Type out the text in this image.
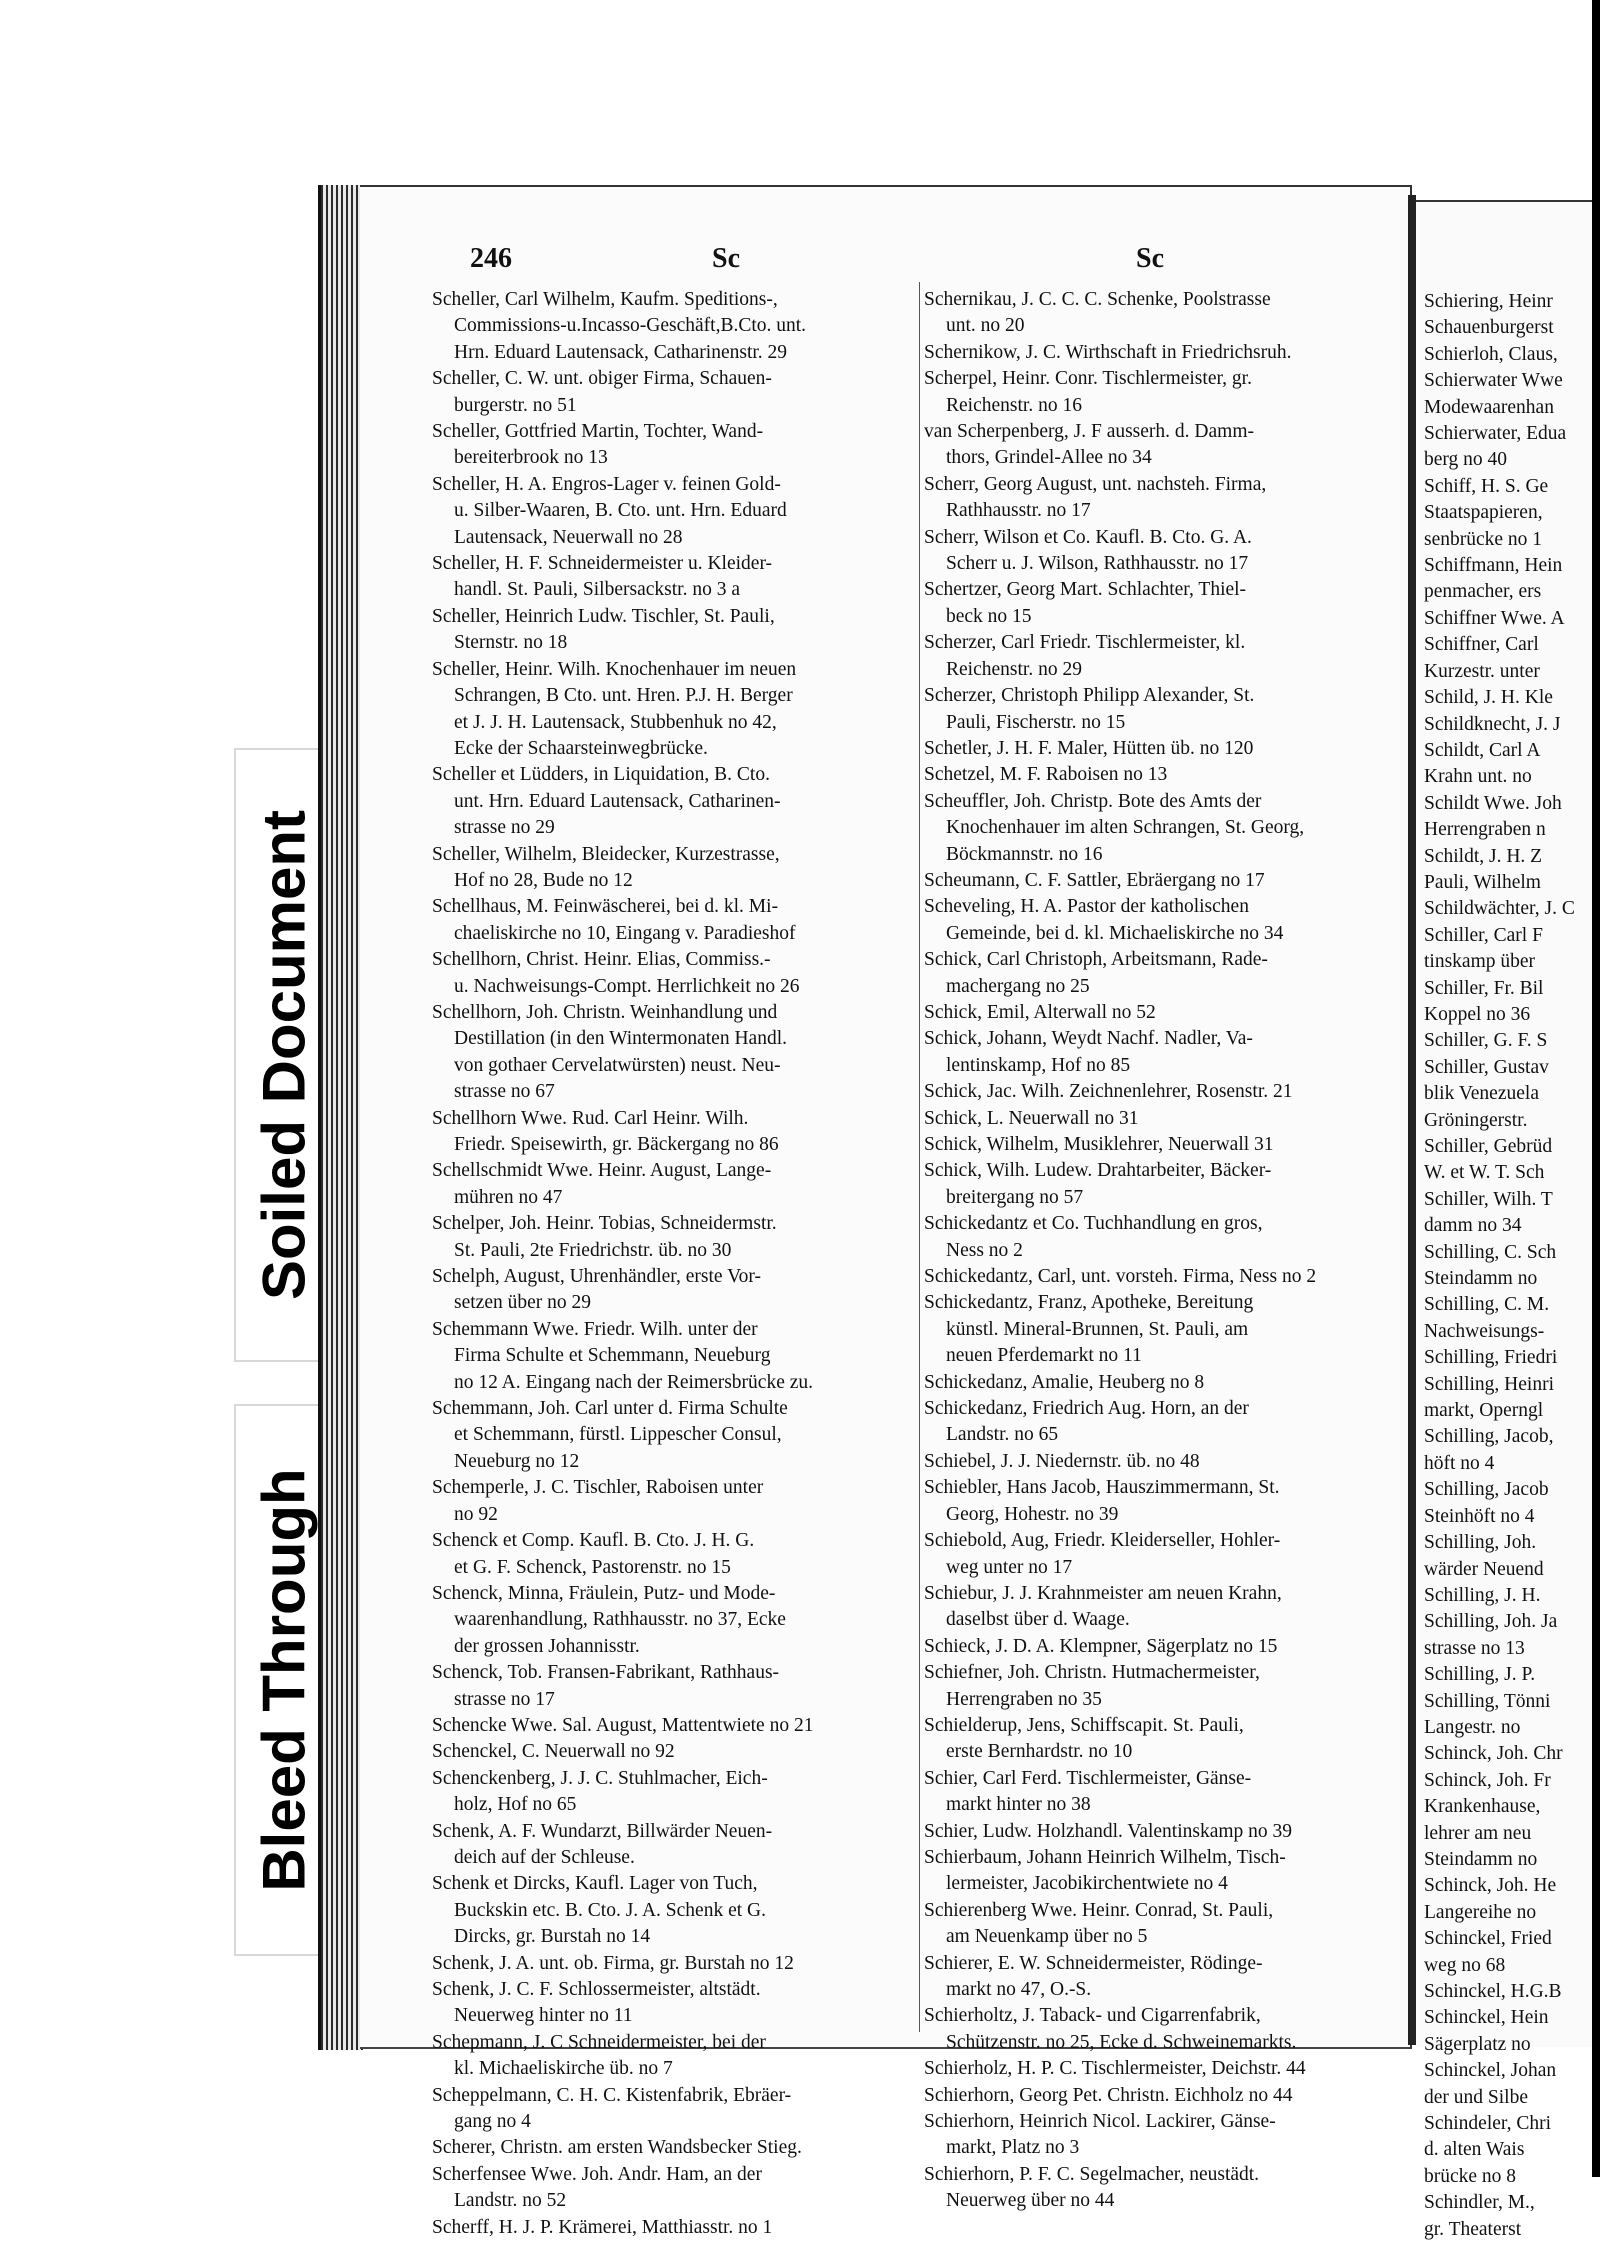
Soiled Document
Bleed Through
Schiering, Heinr
Schauenburgerst
Schierloh, Claus,
Schierwater Wwe
Modewaarenhan
Schierwater, Edua
berg no 40
Schiff, H. S. Ge
Staatspapieren,
senbrücke no 1
Schiffmann, Hein
penmacher, ers
Schiffner Wwe. A
Schiffner, Carl
Kurzestr. unter
Schild, J. H. Kle
Schildknecht, J. J
Schildt, Carl A
Krahn unt. no
Schildt Wwe. Joh
Herrengraben n
Schildt, J. H. Z
Pauli, Wilhelm
Schildwächter, J. C
Schiller, Carl F
tinskamp über
Schiller, Fr. Bil
Koppel no 36
Schiller, G. F. S
Schiller, Gustav
blik Venezuela
Gröningerstr.
Schiller, Gebrüd
W. et W. T. Sch
Schiller, Wilh. T
damm no 34
Schilling, C. Sch
Steindamm no
Schilling, C. M.
Nachweisungs-
Schilling, Friedri
Schilling, Heinri
markt, Operngl
Schilling, Jacob,
höft no 4
Schilling, Jacob
Steinhöft no 4
Schilling, Joh.
wärder Neuend
Schilling, J. H.
Schilling, Joh. Ja
strasse no 13
Schilling, J. P.
Schilling, Tönni
Langestr. no
Schinck, Joh. Chr
Schinck, Joh. Fr
Krankenhause,
lehrer am neu
Steindamm no
Schinck, Joh. He
Langereihe no
Schinckel, Fried
weg no 68
Schinckel, H.G.B
Schinckel, Hein
Sägerplatz no
Schinckel, Johan
der und Silbe
Schindeler, Chri
d. alten Wais
brücke no 8
Schindler, M.,
gr. Theaterst
246	Sc	Sc
Scheller, Carl Wilhelm, Kaufm. Speditions-,
Commissions-u.Incasso-Geschäft,B.Cto. unt.
Hrn. Eduard Lautensack, Catharinenstr. 29
Scheller, C. W. unt. obiger Firma, Schauen-
burgerstr. no 51
Scheller, Gottfried Martin, Tochter, Wand-
bereiterbrook no 13
Scheller, H. A. Engros-Lager v. feinen Gold-
u. Silber-Waaren, B. Cto. unt. Hrn. Eduard
Lautensack, Neuerwall no 28
Scheller, H. F. Schneidermeister u. Kleider-
handl. St. Pauli, Silbersackstr. no 3 a
Scheller, Heinrich Ludw. Tischler, St. Pauli,
Sternstr. no 18
Scheller, Heinr. Wilh. Knochenhauer im neuen
Schrangen, B Cto. unt. Hren. P.J. H. Berger
et J. J. H. Lautensack, Stubbenhuk no 42,
Ecke der Schaarsteinwegbrücke.
Scheller et Lüdders, in Liquidation, B. Cto.
unt. Hrn. Eduard Lautensack, Catharinen-
strasse no 29
Scheller, Wilhelm, Bleidecker, Kurzestrasse,
Hof no 28, Bude no 12
Schellhaus, M. Feinwäscherei, bei d. kl. Mi-
chaeliskirche no 10, Eingang v. Paradieshof
Schellhorn, Christ. Heinr. Elias, Commiss.-
u. Nachweisungs-Compt. Herrlichkeit no 26
Schellhorn, Joh. Christn. Weinhandlung und
Destillation (in den Wintermonaten Handl.
von gothaer Cervelatwürsten) neust. Neu-
strasse no 67
Schellhorn Wwe. Rud. Carl Heinr. Wilh.
Friedr. Speisewirth, gr. Bäckergang no 86
Schellschmidt Wwe. Heinr. August, Lange-
mühren no 47
Schelper, Joh. Heinr. Tobias, Schneidermstr.
St. Pauli, 2te Friedrichstr. üb. no 30
Schelph, August, Uhrenhändler, erste Vor-
setzen über no 29
Schemmann Wwe. Friedr. Wilh. unter der
Firma Schulte et Schemmann, Neueburg
no 12 A. Eingang nach der Reimersbrücke zu.
Schemmann, Joh. Carl unter d. Firma Schulte
et Schemmann, fürstl. Lippescher Consul,
Neueburg no 12
Schemperle, J. C. Tischler, Raboisen unter
no 92
Schenck et Comp. Kaufl. B. Cto. J. H. G.
et G. F. Schenck, Pastorenstr. no 15
Schenck, Minna, Fräulein, Putz- und Mode-
waarenhandlung, Rathhausstr. no 37, Ecke
der grossen Johannisstr.
Schenck, Tob. Fransen-Fabrikant, Rathhaus-
strasse no 17
Schencke Wwe. Sal. August, Mattentwiete no 21
Schenckel, C. Neuerwall no 92
Schenckenberg, J. J. C. Stuhlmacher, Eich-
holz, Hof no 65
Schenk, A. F. Wundarzt, Billwärder Neuen-
deich auf der Schleuse.
Schenk et Dircks, Kaufl. Lager von Tuch,
Buckskin etc. B. Cto. J. A. Schenk et G.
Dircks, gr. Burstah no 14
Schenk, J. A. unt. ob. Firma, gr. Burstah no 12
Schenk, J. C. F. Schlossermeister, altstädt.
Neuerweg hinter no 11
Schepmann, J. C Schneidermeister, bei der
kl. Michaeliskirche üb. no 7
Scheppelmann, C. H. C. Kistenfabrik, Ebräer-
gang no 4
Scherer, Christn. am ersten Wandsbecker Stieg.
Scherfensee Wwe. Joh. Andr. Ham, an der
Landstr. no 52
Scherff, H. J. P. Krämerei, Matthiasstr. no 1
Schernikau, J. C. C. C. Schenke, Poolstrasse
unt. no 20
Schernikow, J. C. Wirthschaft in Friedrichsruh.
Scherpel, Heinr. Conr. Tischlermeister, gr.
Reichenstr. no 16
van Scherpenberg, J. F ausserh. d. Damm-
thors, Grindel-Allee no 34
Scherr, Georg August, unt. nachsteh. Firma,
Rathhausstr. no 17
Scherr, Wilson et Co. Kaufl. B. Cto. G. A.
Scherr u. J. Wilson, Rathhausstr. no 17
Schertzer, Georg Mart. Schlachter, Thiel-
beck no 15
Scherzer, Carl Friedr. Tischlermeister, kl.
Reichenstr. no 29
Scherzer, Christoph Philipp Alexander, St.
Pauli, Fischerstr. no 15
Schetler, J. H. F. Maler, Hütten üb. no 120
Schetzel, M. F. Raboisen no 13
Scheuffler, Joh. Christp. Bote des Amts der
Knochenhauer im alten Schrangen, St. Georg,
Böckmannstr. no 16
Scheumann, C. F. Sattler, Ebräergang no 17
Scheveling, H. A. Pastor der katholischen
Gemeinde, bei d. kl. Michaeliskirche no 34
Schick, Carl Christoph, Arbeitsmann, Rade-
machergang no 25
Schick, Emil, Alterwall no 52
Schick, Johann, Weydt Nachf. Nadler, Va-
lentinskamp, Hof no 85
Schick, Jac. Wilh. Zeichnenlehrer, Rosenstr. 21
Schick, L. Neuerwall no 31
Schick, Wilhelm, Musiklehrer, Neuerwall 31
Schick, Wilh. Ludew. Drahtarbeiter, Bäcker-
breitergang no 57
Schickedantz et Co. Tuchhandlung en gros,
Ness no 2
Schickedantz, Carl, unt. vorsteh. Firma, Ness no 2
Schickedantz, Franz, Apotheke, Bereitung
künstl. Mineral-Brunnen, St. Pauli, am
neuen Pferdemarkt no 11
Schickedanz, Amalie, Heuberg no 8
Schickedanz, Friedrich Aug. Horn, an der
Landstr. no 65
Schiebel, J. J. Niedernstr. üb. no 48
Schiebler, Hans Jacob, Hauszimmermann, St.
Georg, Hohestr. no 39
Schiebold, Aug, Friedr. Kleiderseller, Hohler-
weg unter no 17
Schiebur, J. J. Krahnmeister am neuen Krahn,
daselbst über d. Waage.
Schieck, J. D. A. Klempner, Sägerplatz no 15
Schiefner, Joh. Christn. Hutmachermeister,
Herrengraben no 35
Schielderup, Jens, Schiffscapit. St. Pauli,
erste Bernhardstr. no 10
Schier, Carl Ferd. Tischlermeister, Gänse-
markt hinter no 38
Schier, Ludw. Holzhandl. Valentinskamp no 39
Schierbaum, Johann Heinrich Wilhelm, Tisch-
lermeister, Jacobikirchentwiete no 4
Schierenberg Wwe. Heinr. Conrad, St. Pauli,
am Neuenkamp über no 5
Schierer, E. W. Schneidermeister, Rödinge-
markt no 47, O.-S.
Schierholtz, J. Taback- und Cigarrenfabrik,
Schützenstr. no 25, Ecke d. Schweinemarkts.
Schierholz, H. P. C. Tischlermeister, Deichstr. 44
Schierhorn, Georg Pet. Christn. Eichholz no 44
Schierhorn, Heinrich Nicol. Lackirer, Gänse-
markt, Platz no 3
Schierhorn, P. F. C. Segelmacher, neustädt.
Neuerweg über no 44
